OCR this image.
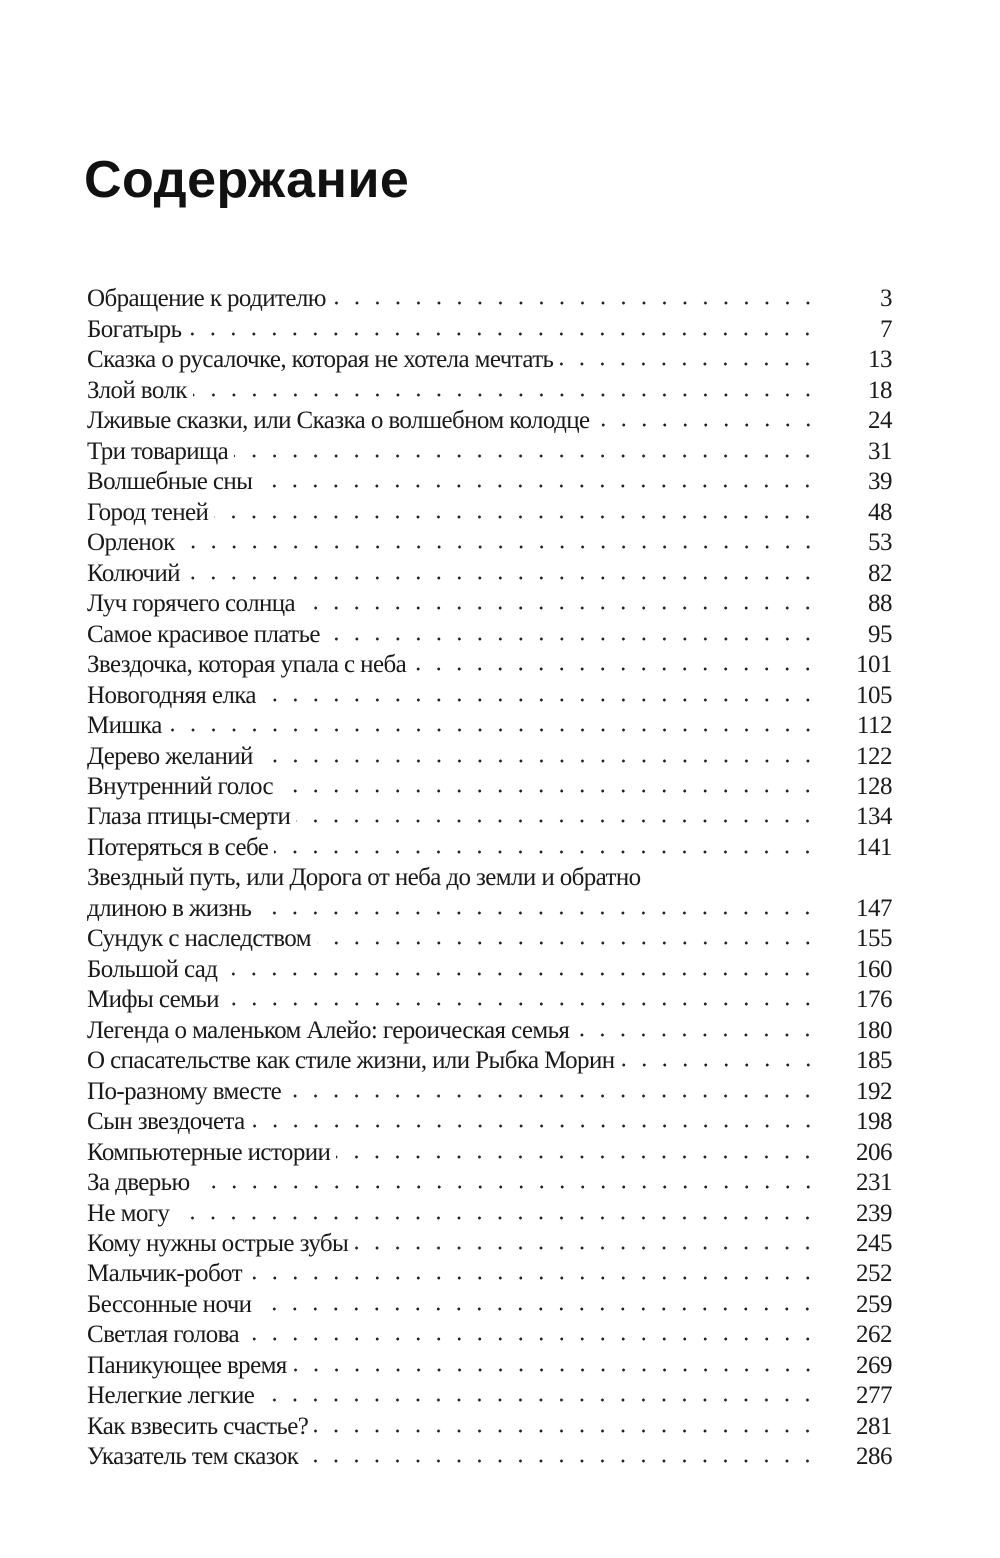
Содержание
Обращение к родителю	3
Богатырь	7
Сказка о русалочке, которая не хотела мечтать	13
Злой волк	18
Лживые сказки, или Сказка о волшебном колодце	24
Три товарища	31
Волшебные сны	39
Город теней	48
Орленок	53
Колючий	82
Луч горячего солнца	88
Самое красивое платье	95
Звездочка, которая упала с неба	101
Новогодняя елка	105
Мишка	112
Дерево желаний	122
Внутренний голос	128
Глаза птицы-смерти	134
Потеряться в себе	141
Звездный путь, или Дорога от неба до земли и обратно
длиною в жизнь	147
Сундук с наследством	155
Большой сад	160
Мифы семьи	176
Легенда о маленьком Алейо: героическая семья	180
О спасательстве как стиле жизни, или Рыбка Морин	185
По-разному вместе	192
Сын звездочета	198
Компьютерные истории	206
За дверью	231
Не могу	239
Кому нужны острые зубы	245
Мальчик-робот	252
Бессонные ночи	259
Светлая голова	262
Паникующее время	269
Нелегкие легкие	277
Как взвесить счастье?	281
Указатель тем сказок	286
